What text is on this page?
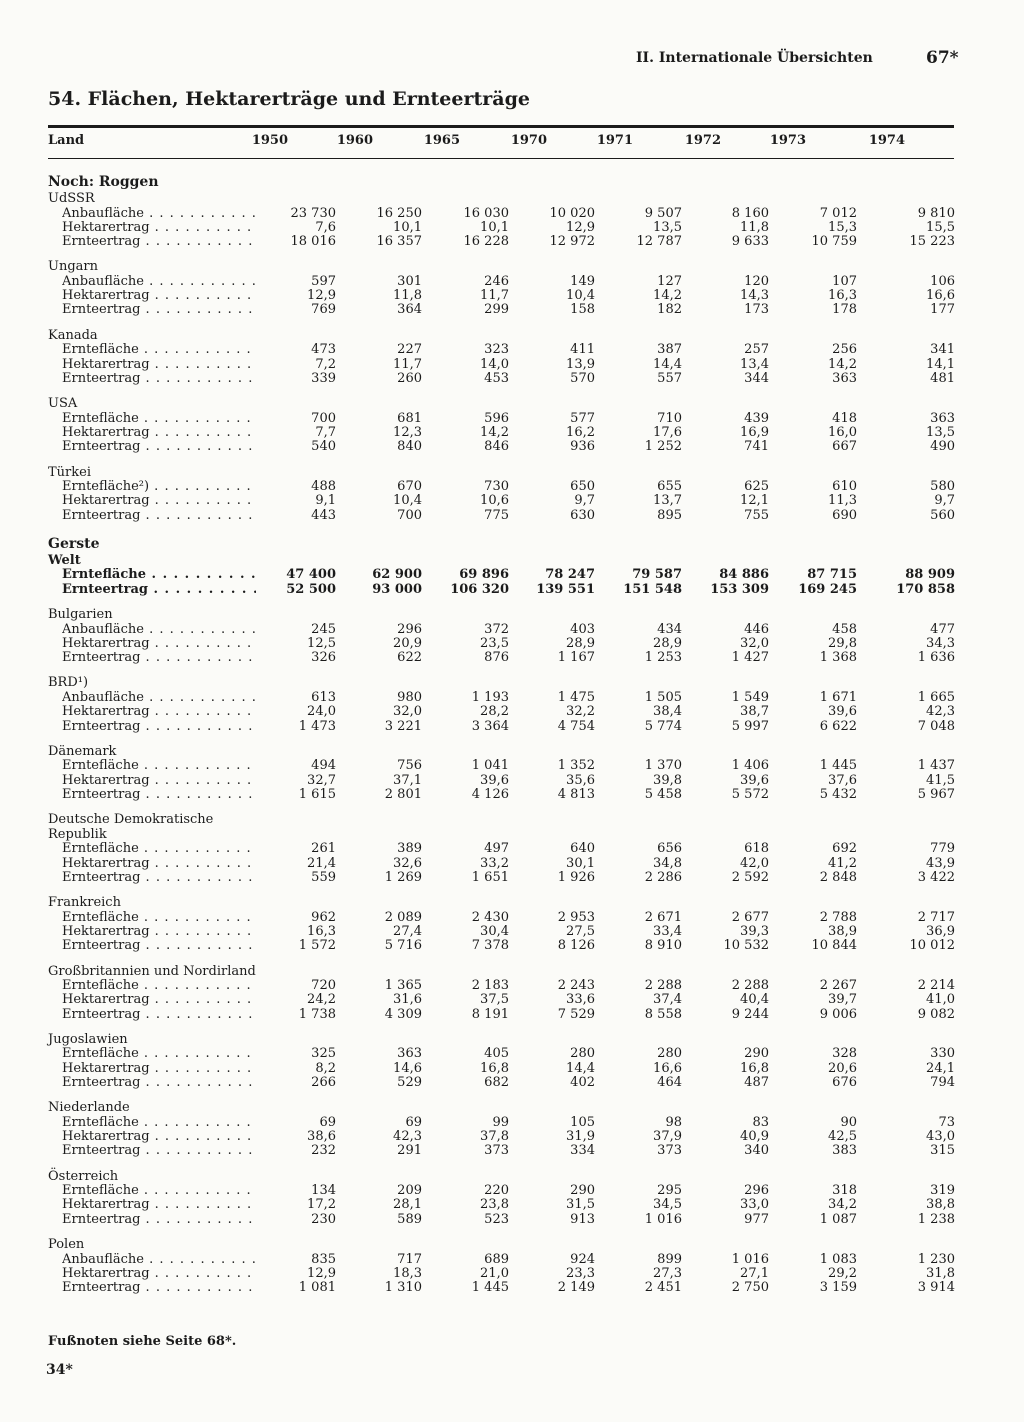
II. Internationale Übersichten	67*
54. Flächen, Hektarerträge und Ernteerträge
Land	1950	1960	1965	1970	1971	1972	1973	1974
Noch: Roggen
UdSSR
Anbaufläche . . .	23 730	16 250	16 030	10 020	9 507	8 160	7 012	9 810
Hektarertrag . . .	7,6	10,1	10,1	12,9	13,5	11,8	15,3	15,5
Ernteertrag . . .	18 016	16 357	16 228	12 972	12 787	9 633	10 759	15 223
Ungarn
Anbaufläche . . .	597	301	246	149	127	120	107	106
Hektarertrag . . .	12,9	11,8	11,7	10,4	14,2	14,3	16,3	16,6
Ernteertrag . . .	769	364	299	158	182	173	178	177
Kanada
Erntefläche . . .	473	227	323	411	387	257	256	341
Hektarertrag . . .	7,2	11,7	14,0	13,9	14,4	13,4	14,2	14,1
Ernteertrag . . .	339	260	453	570	557	344	363	481
USA
Erntefläche . . .	700	681	596	577	710	439	418	363
Hektarertrag . . .	7,7	12,3	14,2	16,2	17,6	16,9	16,0	13,5
Ernteertrag . . .	540	840	846	936	1 252	741	667	490
Türkei
Erntefläche²) . . .	488	670	730	650	655	625	610	580
Hektarertrag . . .	9,1	10,4	10,6	9,7	13,7	12,1	11,3	9,7
Ernteertrag . . .	443	700	775	630	895	755	690	560
Gerste
Welt
Erntefläche . . .	47 400	62 900	69 896	78 247	79 587	84 886	87 715	88 909
Ernteertrag . . .	52 500	93 000	106 320	139 551	151 548	153 309	169 245	170 858
Bulgarien
Anbaufläche . . .	245	296	372	403	434	446	458	477
Hektarertrag . . .	12,5	20,9	23,5	28,9	28,9	32,0	29,8	34,3
Ernteertrag . . .	326	622	876	1 167	1 253	1 427	1 368	1 636
BRD¹)
Anbaufläche . . .	613	980	1 193	1 475	1 505	1 549	1 671	1 665
Hektarertrag . . .	24,0	32,0	28,2	32,2	38,4	38,7	39,6	42,3
Ernteertrag . . .	1 473	3 221	3 364	4 754	5 774	5 997	6 622	7 048
Dänemark
Erntefläche . . .	494	756	1 041	1 352	1 370	1 406	1 445	1 437
Hektarertrag . . .	32,7	37,1	39,6	35,6	39,8	39,6	37,6	41,5
Ernteertrag . . .	1 615	2 801	4 126	4 813	5 458	5 572	5 432	5 967
Deutsche Demokratische
Republik
Erntefläche . . .	261	389	497	640	656	618	692	779
Hektarertrag . . .	21,4	32,6	33,2	30,1	34,8	42,0	41,2	43,9
Ernteertrag . . .	559	1 269	1 651	1 926	2 286	2 592	2 848	3 422
Frankreich
Erntefläche . . .	962	2 089	2 430	2 953	2 671	2 677	2 788	2 717
Hektarertrag . . .	16,3	27,4	30,4	27,5	33,4	39,3	38,9	36,9
Ernteertrag . . .	1 572	5 716	7 378	8 126	8 910	10 532	10 844	10 012
Großbritannien und Nordirland
Erntefläche . . .	720	1 365	2 183	2 243	2 288	2 288	2 267	2 214
Hektarertrag . . .	24,2	31,6	37,5	33,6	37,4	40,4	39,7	41,0
Ernteertrag . . .	1 738	4 309	8 191	7 529	8 558	9 244	9 006	9 082
Jugoslawien
Erntefläche . . .	325	363	405	280	280	290	328	330
Hektarertrag . . .	8,2	14,6	16,8	14,4	16,6	16,8	20,6	24,1
Ernteertrag . . .	266	529	682	402	464	487	676	794
Niederlande
Erntefläche . . .	69	69	99	105	98	83	90	73
Hektarertrag . . .	38,6	42,3	37,8	31,9	37,9	40,9	42,5	43,0
Ernteertrag . . .	232	291	373	334	373	340	383	315
Österreich
Erntefläche . . .	134	209	220	290	295	296	318	319
Hektarertrag . . .	17,2	28,1	23,8	31,5	34,5	33,0	34,2	38,8
Ernteertrag . . .	230	589	523	913	1 016	977	1 087	1 238
Polen
Anbaufläche . . .	835	717	689	924	899	1 016	1 083	1 230
Hektarertrag . . .	12,9	18,3	21,0	23,3	27,3	27,1	29,2	31,8
Ernteertrag . . .	1 081	1 310	1 445	2 149	2 451	2 750	3 159	3 914
Fußnoten siehe Seite 68*.
34*
